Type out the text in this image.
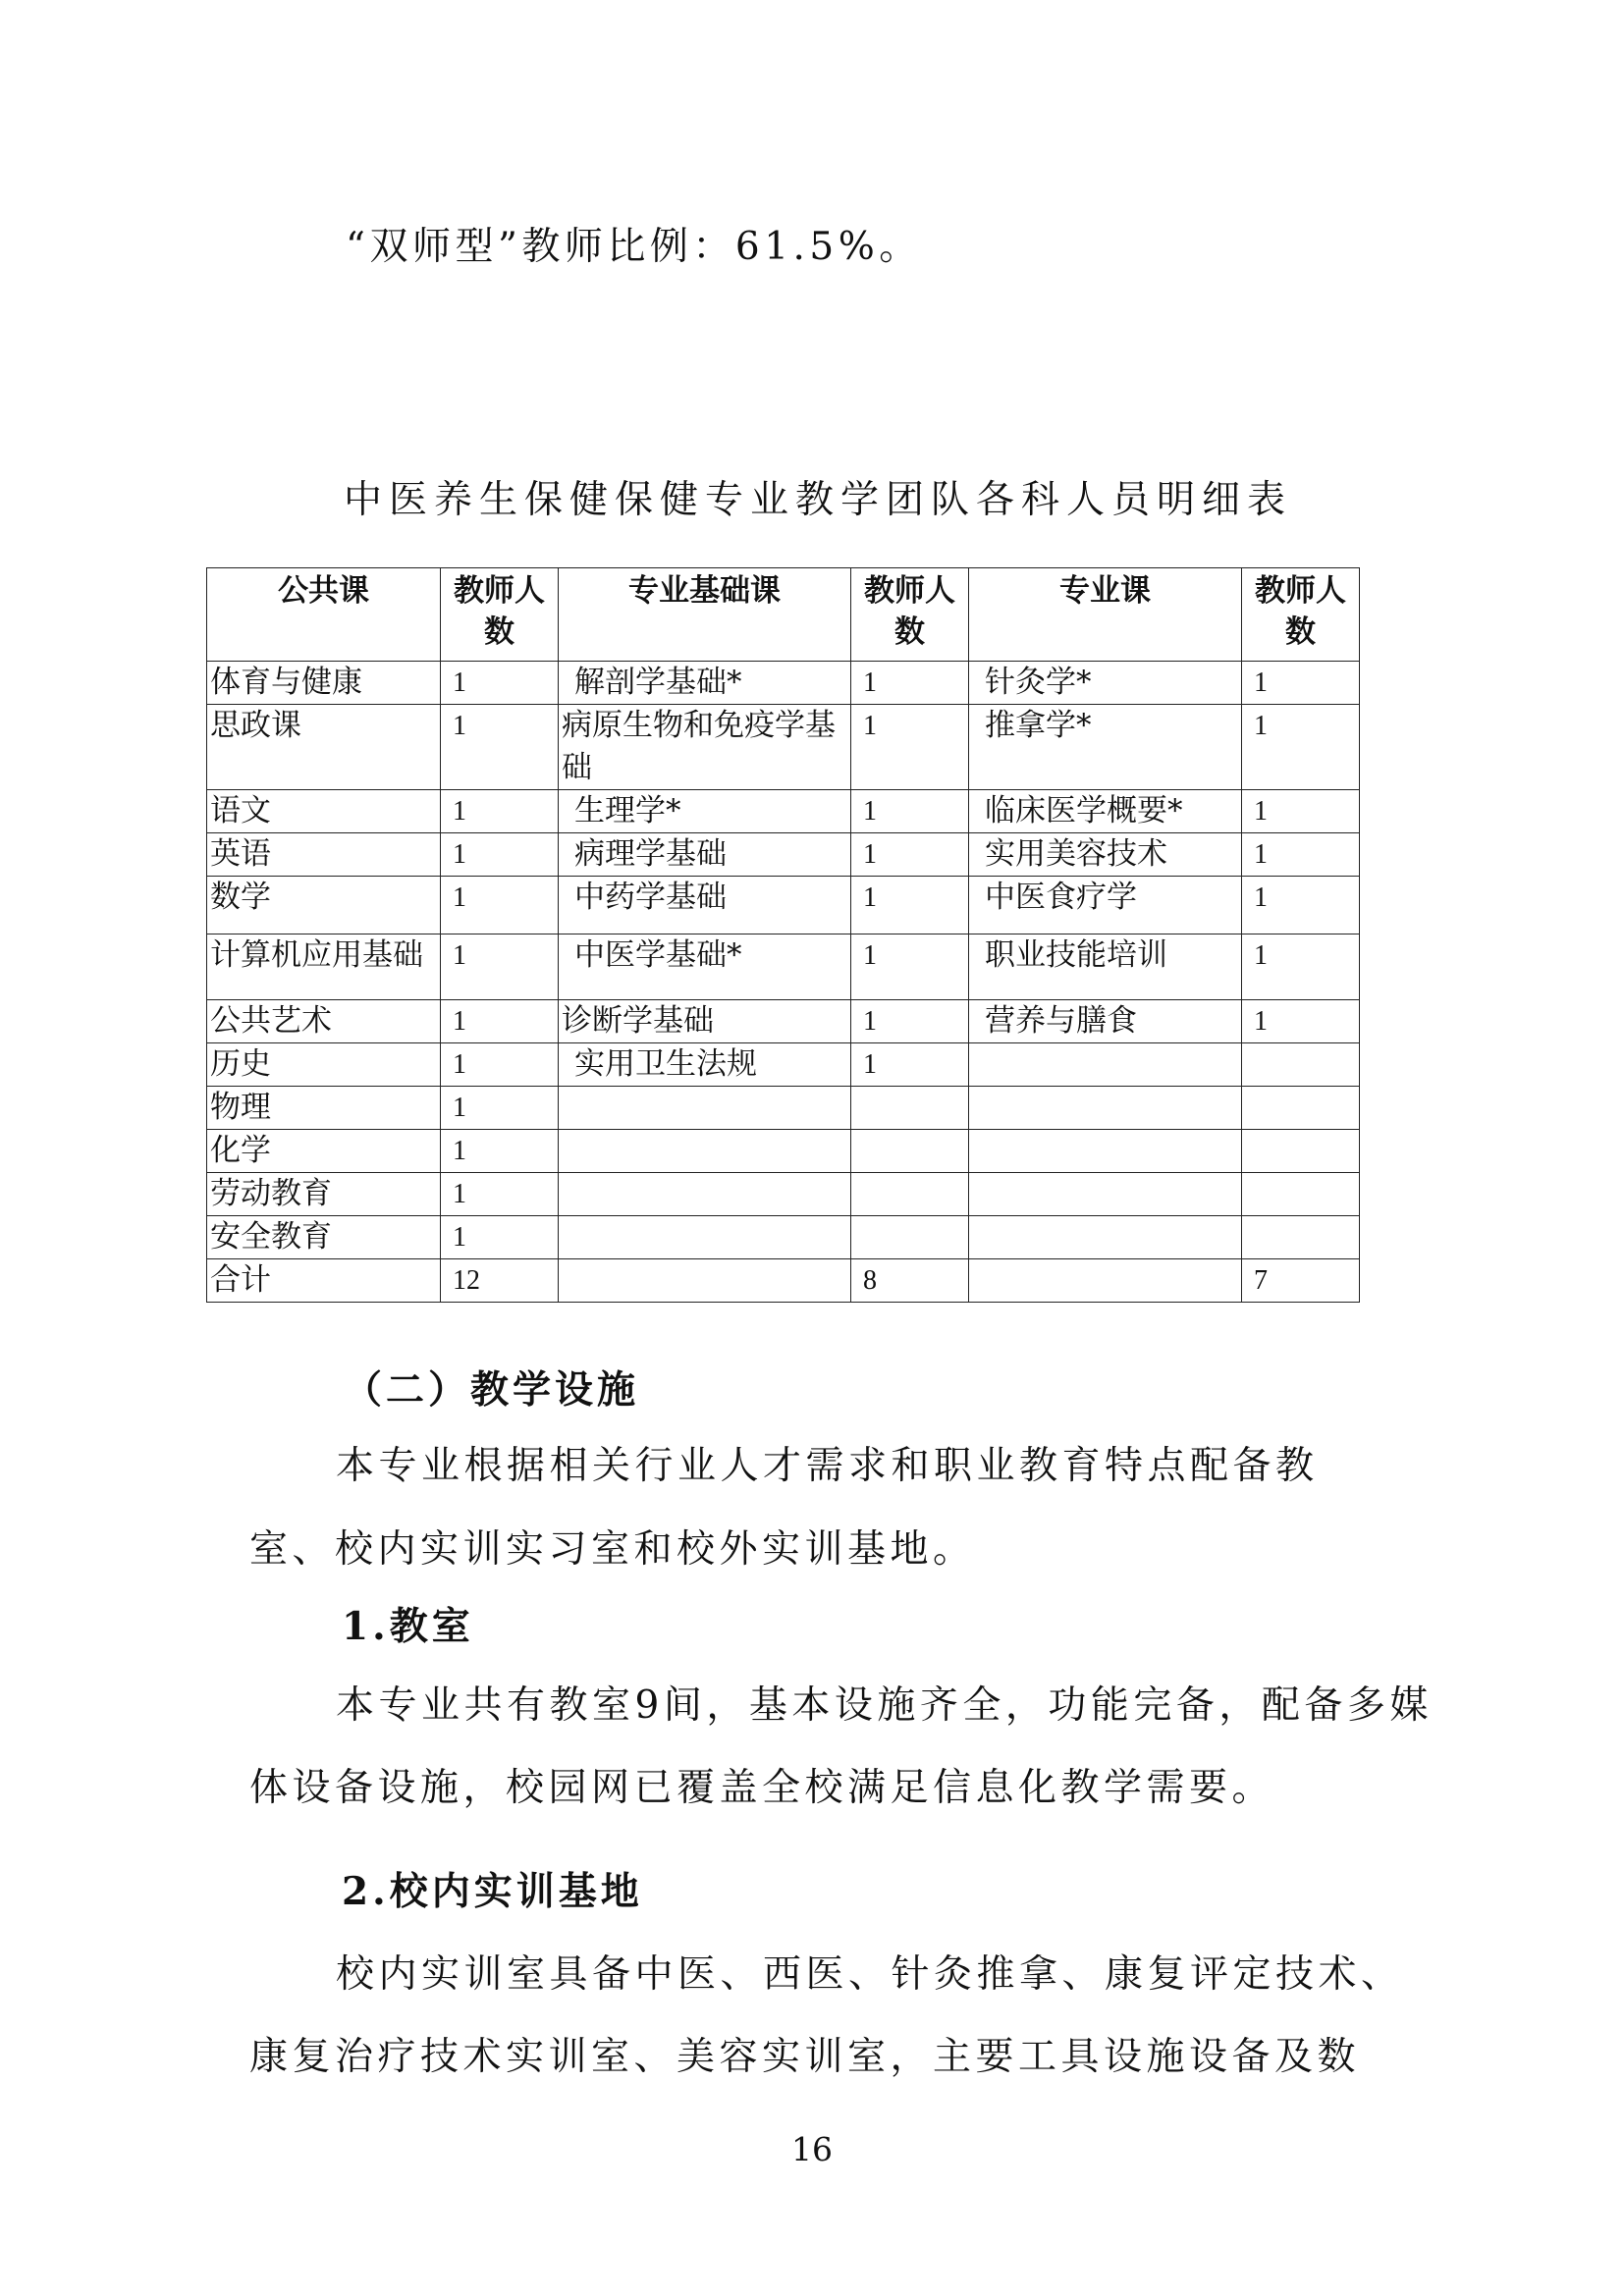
“双师型”教师比例：61.5%。
中医养生保健保健专业教学团队各科人员明细表
公共课	教师人数	专业基础课	教师人数	专业课	教师人数
体育与健康	1	解剖学基础*	1	针灸学*	1
思政课	1	病原生物和免疫学基础	1	推拿学*	1
语文	1	生理学*	1	临床医学概要*	1
英语	1	病理学基础	1	实用美容技术	1
数学	1	中药学基础	1	中医食疗学	1
计算机应用基础	1	中医学基础*	1	职业技能培训	1
公共艺术	1	诊断学基础	1	营养与膳食	1
历史	1	实用卫生法规	1		
物理	1				
化学	1				
劳动教育	1				
安全教育	1				
合计	12		8		7
（二）教学设施
本专业根据相关行业人才需求和职业教育特点配备教
室、校内实训实习室和校外实训基地。
1.教室
本专业共有教室9间，基本设施齐全，功能完备，配备多媒
体设备设施，校园网已覆盖全校满足信息化教学需要。
2.校内实训基地
校内实训室具备中医、西医、针灸推拿、康复评定技术、
康复治疗技术实训室、美容实训室，主要工具设施设备及数
16
